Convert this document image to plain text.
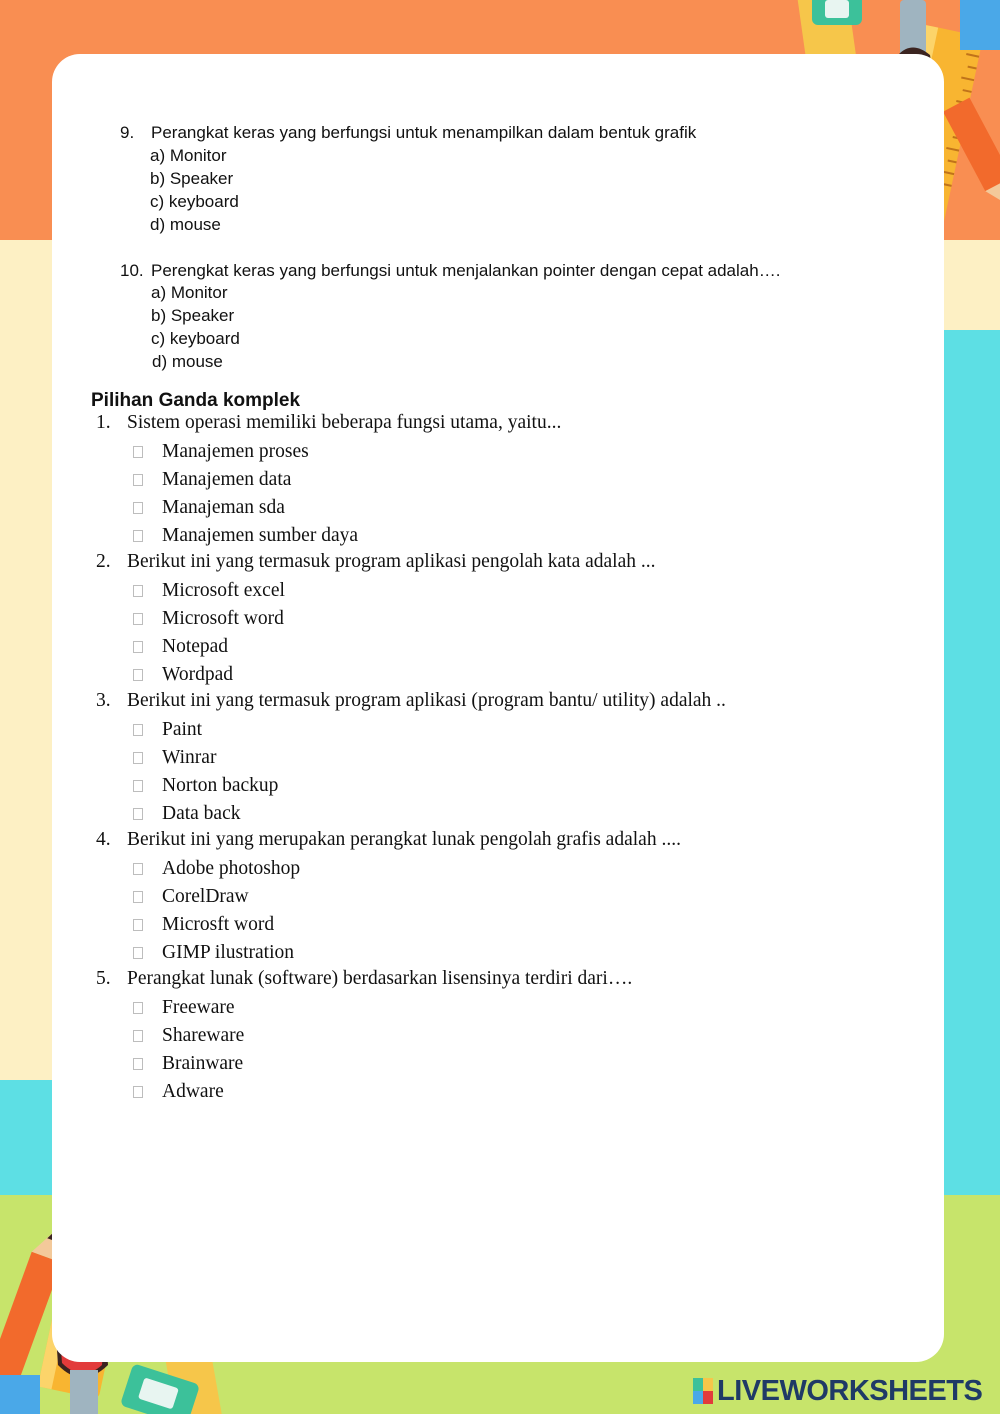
9. Perangkat keras yang berfungsi untuk menampilkan dalam bentuk grafik
a) Monitor
b) Speaker
c) keyboard
d) mouse
10. Perengkat keras yang berfungsi untuk menjalankan pointer dengan cepat adalah….
a) Monitor
b) Speaker
c) keyboard
d) mouse
Pilihan Ganda komplek
1. Sistem operasi memiliki beberapa fungsi utama, yaitu...
Manajemen proses
Manajemen data
Manajeman sda
Manajemen sumber daya
2. Berikut ini yang termasuk program aplikasi pengolah kata adalah ...
Microsoft excel
Microsoft word
Notepad
Wordpad
3. Berikut ini yang termasuk program aplikasi (program bantu/ utility) adalah ..
Paint
Winrar
Norton backup
Data back
4. Berikut ini yang merupakan perangkat lunak pengolah grafis adalah ....
Adobe photoshop
CorelDraw
Microsft word
GIMP ilustration
5. Perangkat lunak (software) berdasarkan lisensinya terdiri dari….
Freeware
Shareware
Brainware
Adware
LIVEWORKSHEETS
